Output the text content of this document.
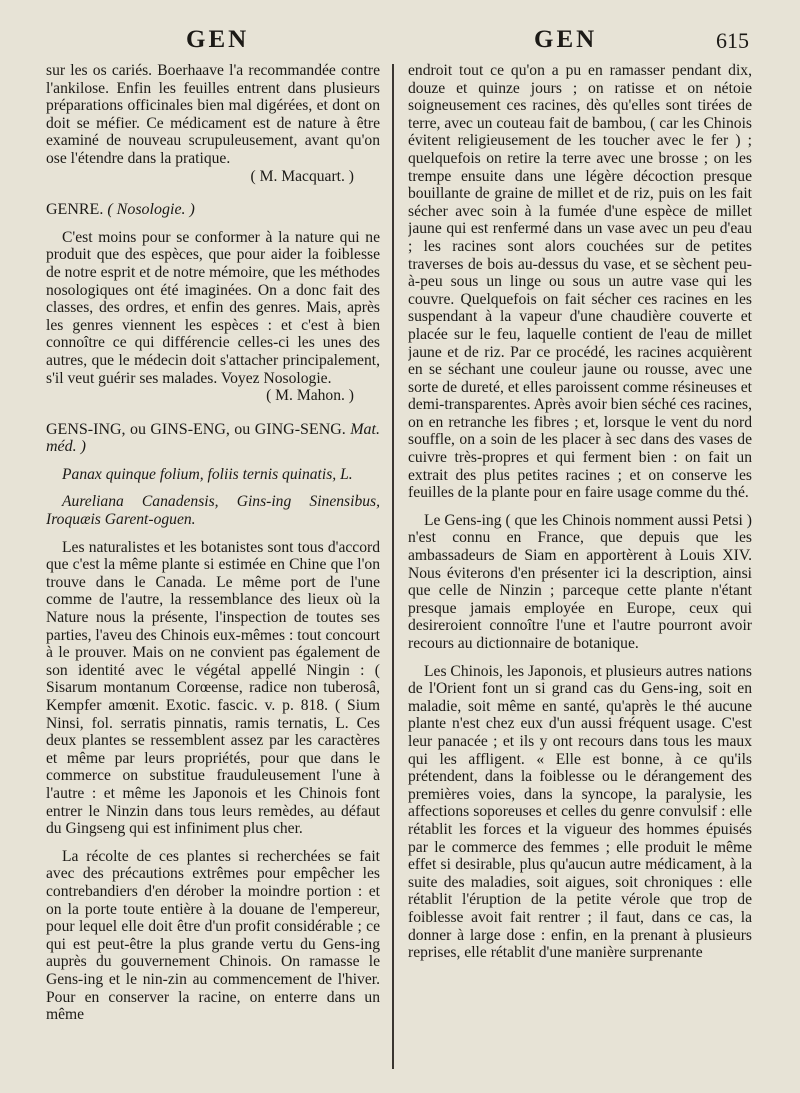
GEN	GEN	615

sur les os cariés. Boerhaave l'a recommandée contre l'ankilose. Enfin les feuilles entrent dans plusieurs préparations officinales bien mal digérées, et dont on doit se méfier. Ce médicament est de nature à être examiné de nouveau scrupuleusement, avant qu'on ose l'étendre dans la pratique.

( M. Macquart. )

GENRE. ( Nosologie. )

C'est moins pour se conformer à la nature qui ne produit que des espèces, que pour aider la foiblesse de notre esprit et de notre mémoire, que les méthodes nosologiques ont été imaginées. On a donc fait des classes, des ordres, et enfin des genres. Mais, après les genres viennent les espèces : et c'est à bien connoître ce qui différencie celles-ci les unes des autres, que le médecin doit s'attacher principalement, s'il veut guérir ses malades. Voyez Nosologie.

( M. Mahon. )

GENS-ING, ou GINS-ENG, ou GING-SENG. Mat. méd. )

Panax quinque folium, foliis ternis quinatis, L.

Aureliana Canadensis, Gins-ing Sinensibus, Iroquæis Garent-oguen.

Les naturalistes et les botanistes sont tous d'accord que c'est la même plante si estimée en Chine que l'on trouve dans le Canada. Le même port de l'une comme de l'autre, la ressemblance des lieux où la Nature nous la présente, l'inspection de toutes ses parties, l'aveu des Chinois eux-mêmes : tout concourt à le prouver. Mais on ne convient pas également de son identité avec le végétal appellé Ningin : ( Sisarum montanum Corœense, radice non tuberosâ, Kempfer amœnit. Exotic. fascic. v. p. 818. ( Sium Ninsi, fol. serratis pinnatis, ramis ternatis, L. Ces deux plantes se ressemblent assez par les caractères et même par leurs propriétés, pour que dans le commerce on substitue frauduleusement l'une à l'autre : et même les Japonois et les Chinois font entrer le Ninzin dans tous leurs remèdes, au défaut du Gingseng qui est infiniment plus cher.

La récolte de ces plantes si recherchées se fait avec des précautions extrêmes pour empêcher les contrebandiers d'en dérober la moindre portion : et on la porte toute entière à la douane de l'empereur, pour lequel elle doit être d'un profit considérable ; ce qui est peut-être la plus grande vertu du Gens-ing auprès du gouvernement Chinois. On ramasse le Gens-ing et le nin-zin au commencement de l'hiver. Pour en conserver la racine, on enterre dans un même

endroit tout ce qu'on a pu en ramasser pendant dix, douze et quinze jours ; on ratisse et on nétoie soigneusement ces racines, dès qu'elles sont tirées de terre, avec un couteau fait de bambou, ( car les Chinois évitent religieusement de les toucher avec le fer ) ; quelquefois on retire la terre avec une brosse ; on les trempe ensuite dans une légère décoction presque bouillante de graine de millet et de riz, puis on les fait sécher avec soin à la fumée d'une espèce de millet jaune qui est renfermé dans un vase avec un peu d'eau ; les racines sont alors couchées sur de petites traverses de bois au-dessus du vase, et se sèchent peu-à-peu sous un linge ou sous un autre vase qui les couvre. Quelquefois on fait sécher ces racines en les suspendant à la vapeur d'une chaudière couverte et placée sur le feu, laquelle contient de l'eau de millet jaune et de riz. Par ce procédé, les racines acquièrent en se séchant une couleur jaune ou rousse, avec une sorte de dureté, et elles paroissent comme résineuses et demi-transparentes. Après avoir bien séché ces racines, on en retranche les fibres ; et, lorsque le vent du nord souffle, on a soin de les placer à sec dans des vases de cuivre très-propres et qui ferment bien : on fait un extrait des plus petites racines ; et on conserve les feuilles de la plante pour en faire usage comme du thé.

Le Gens-ing ( que les Chinois nomment aussi Petsi ) n'est connu en France, que depuis que les ambassadeurs de Siam en apportèrent à Louis XIV. Nous éviterons d'en présenter ici la description, ainsi que celle de Ninzin ; parceque cette plante n'étant presque jamais employée en Europe, ceux qui desireroient connoître l'une et l'autre pourront avoir recours au dictionnaire de botanique.

Les Chinois, les Japonois, et plusieurs autres nations de l'Orient font un si grand cas du Gens-ing, soit en maladie, soit même en santé, qu'après le thé aucune plante n'est chez eux d'un aussi fréquent usage. C'est leur panacée ; et ils y ont recours dans tous les maux qui les affligent. « Elle est bonne, à ce qu'ils prétendent, dans la foiblesse ou le dérangement des premières voies, dans la syncope, la paralysie, les affections soporeuses et celles du genre convulsif : elle rétablit les forces et la vigueur des hommes épuisés par le commerce des femmes ; elle produit le même effet si desirable, plus qu'aucun autre médicament, à la suite des maladies, soit aigues, soit chroniques : elle rétablit l'éruption de la petite vérole que trop de foiblesse avoit fait rentrer ; il faut, dans ce cas, la donner à large dose : enfin, en la prenant à plusieurs reprises, elle rétablit d'une manière surprenante
